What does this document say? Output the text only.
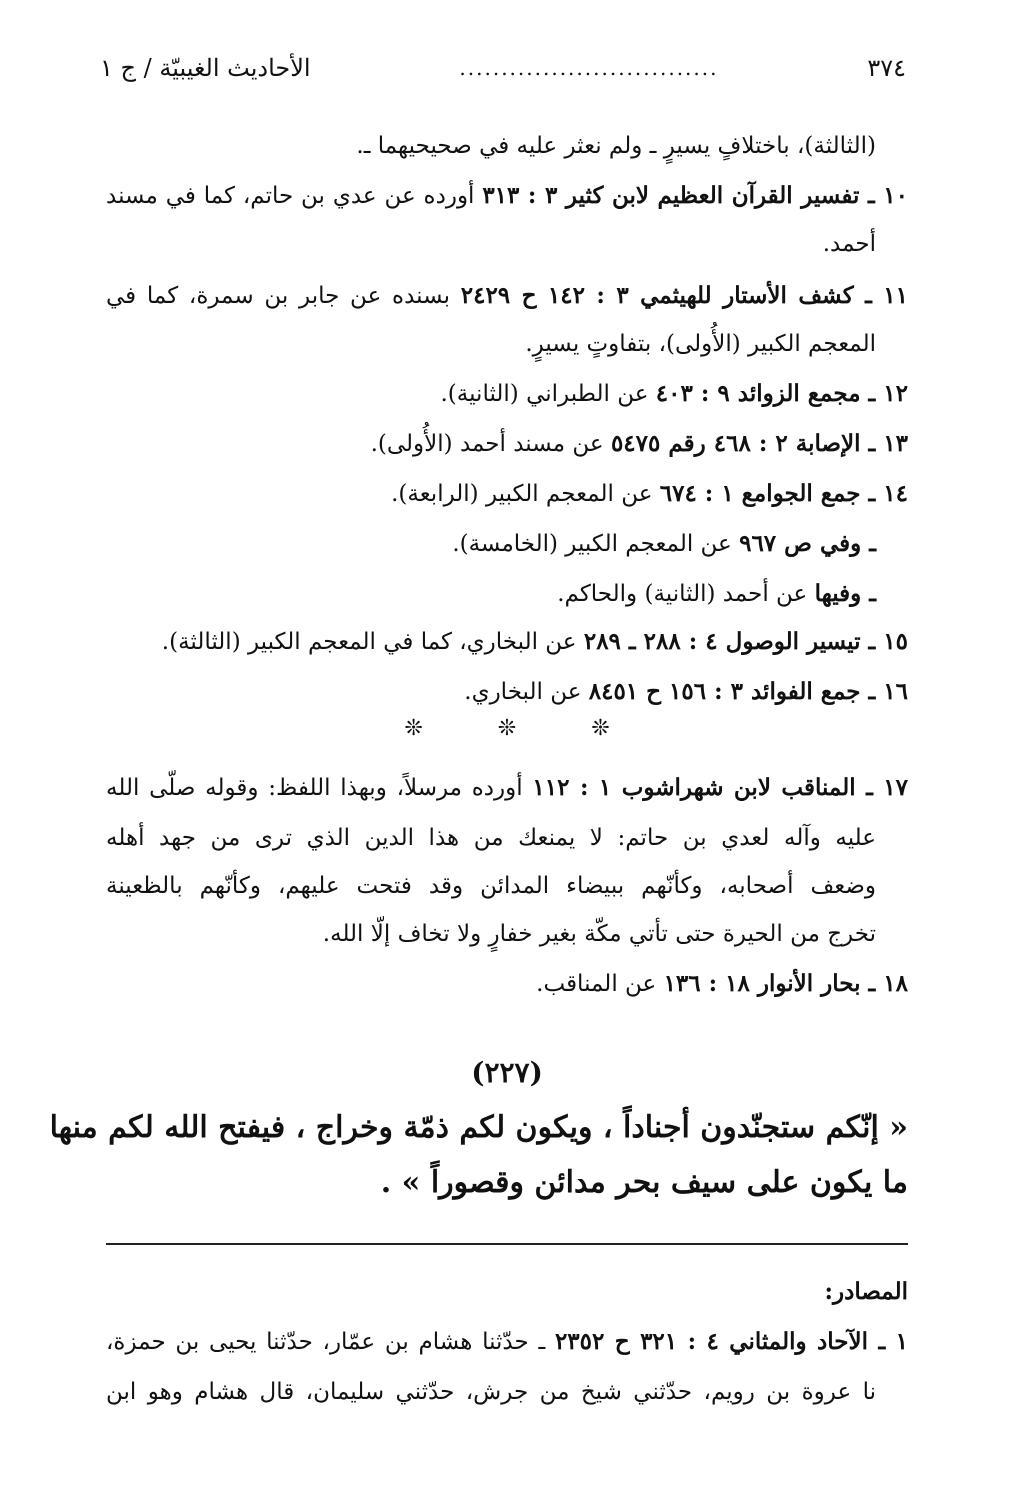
٣٧٤
...............................
الأحاديث الغيبيّة / ج ١
(الثالثة)، باختلافٍ يسيرٍ ـ ولم نعثر عليه في صحيحيهما ـ.
١٠ ـ تفسير القرآن العظيم لابن كثير ٣ : ٣١٣ أورده عن عدي بن حاتم، كما في مسند
أحمد.
١١ ـ كشف الأستار للهيثمي ٣ : ١٤٢ ح ٢٤٢٩ بسنده عن جابر بن سمرة، كما في
المعجم الكبير (الأُولى)، بتفاوتٍ يسيرٍ.
١٢ ـ مجمع الزوائد ٩ : ٤٠٣ عن الطبراني (الثانية).
١٣ ـ الإصابة ٢ : ٤٦٨ رقم ٥٤٧٥ عن مسند أحمد (الأُولى).
١٤ ـ جمع الجوامع ١ : ٦٧٤ عن المعجم الكبير (الرابعة).
ـ وفي ص ٩٦٧ عن المعجم الكبير (الخامسة).
ـ وفيها عن أحمد (الثانية) والحاكم.
١٥ ـ تيسير الوصول ٤ : ٢٨٨ ـ ٢٨٩ عن البخاري، كما في المعجم الكبير (الثالثة).
١٦ ـ جمع الفوائد ٣ : ١٥٦ ح ٨٤٥١ عن البخاري.
❊ ❊ ❊
١٧ ـ المناقب لابن شهراشوب ١ : ١١٢ أورده مرسلاً، وبهذا اللفظ: وقوله صلّى الله
عليه وآله لعدي بن حاتم: لا يمنعك من هذا الدين الذي ترى من جهد أهله
وضعف أصحابه، وكأنّهم ببيضاء المدائن وقد فتحت عليهم، وكأنّهم بالظعينة
تخرج من الحيرة حتى تأتي مكّة بغير خفارٍ ولا تخاف إلّا الله.
١٨ ـ بحار الأنوار ١٨ : ١٣٦ عن المناقب.
(٢٢٧)
« إنّكم ستجنّدون أجناداً ، ويكون لكم ذمّة وخراج ، فيفتح الله لكم منها
ما يكون على سيف بحر مدائن وقصوراً » .
المصادر:
١ ـ الآحاد والمثاني ٤ : ٣٢١ ح ٢٣٥٢ ـ حدّثنا هشام بن عمّار، حدّثنا يحيى بن حمزة،
نا عروة بن رويم، حدّثني شيخ من جرش، حدّثني سليمان، قال هشام وهو ابن
